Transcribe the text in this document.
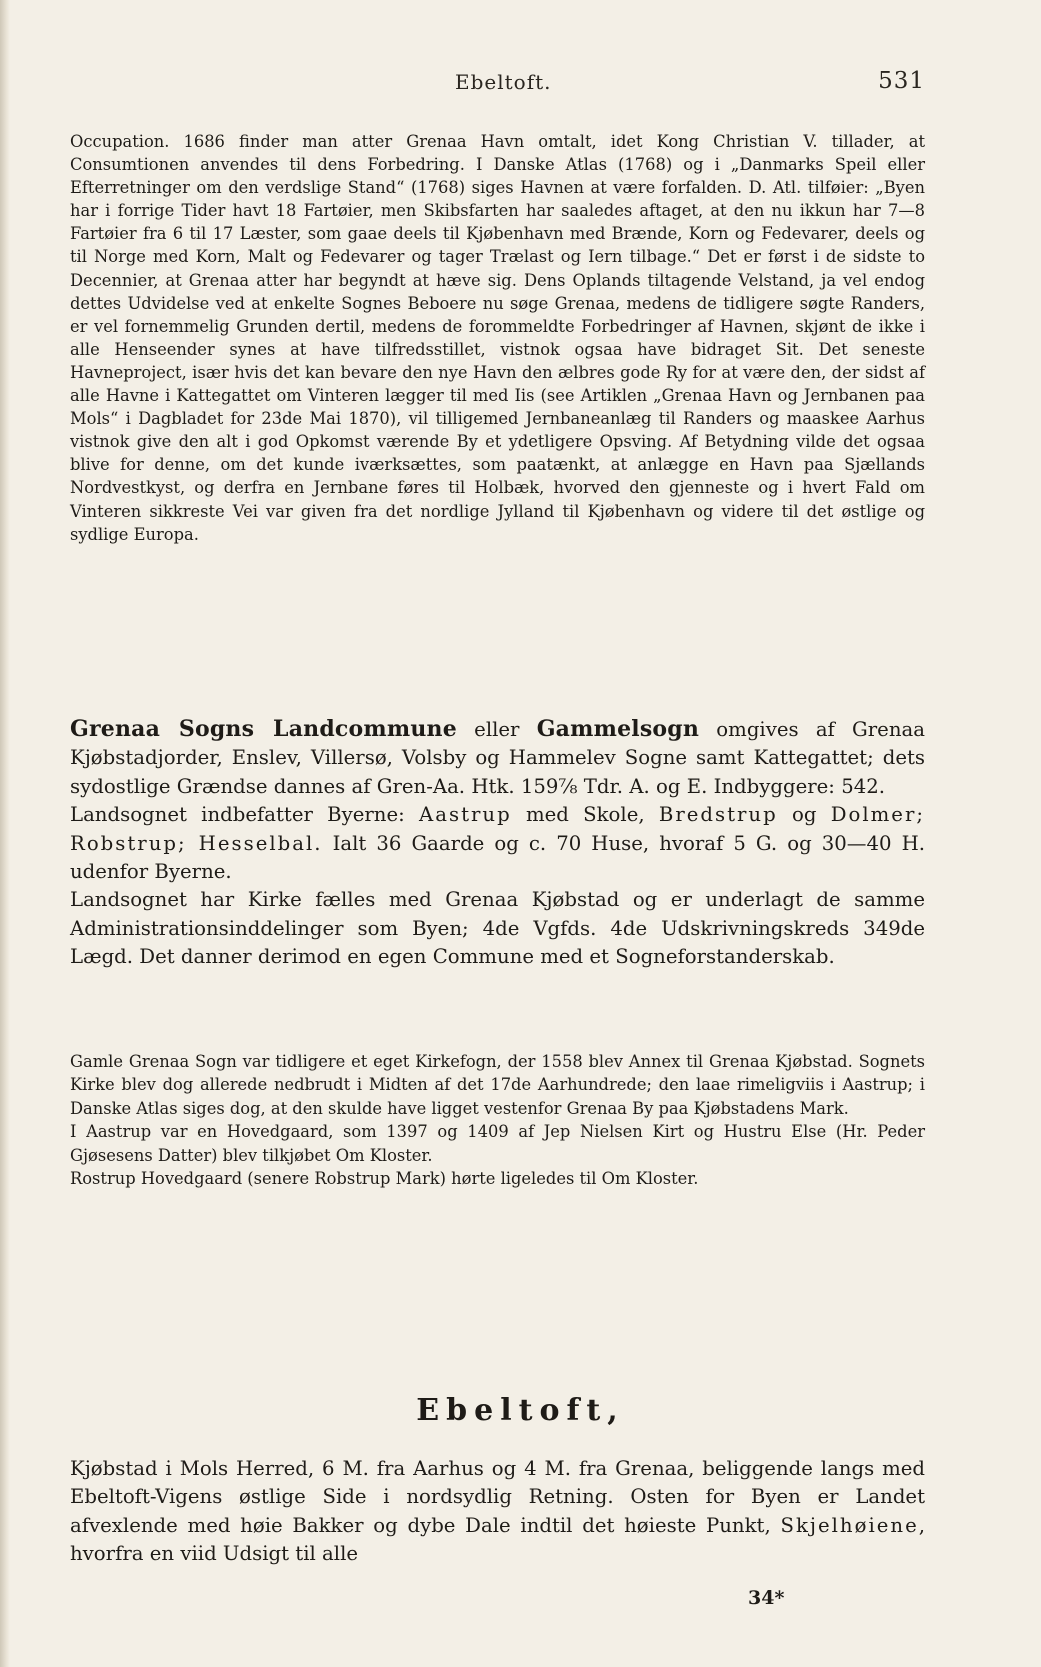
Ebeltoft.	531

Occupation. 1686 finder man atter Grenaa Havn omtalt, idet Kong Christian V. tillader, at Consumtionen anvendes til dens Forbedring. I Danske Atlas (1768) og i „Danmarks Speil eller Efterretninger om den verdslige Stand“ (1768) siges Havnen at være forfalden. D. Atl. tilføier: „Byen har i forrige Tider havt 18 Fartøier, men Skibsfarten har saaledes aftaget, at den nu ikkun har 7—8 Fartøier fra 6 til 17 Læster, som gaae deels til Kjøbenhavn med Brænde, Korn og Fedevarer, deels og til Norge med Korn, Malt og Fedevarer og tager Trælast og Iern tilbage.“ Det er først i de sidste to Decennier, at Grenaa atter har begyndt at hæve sig. Dens Oplands tiltagende Velstand, ja vel endog dettes Udvidelse ved at enkelte Sognes Beboere nu søge Grenaa, medens de tidligere søgte Randers, er vel fornemmelig Grunden dertil, medens de forommeldte Forbedringer af Havnen, skjønt de ikke i alle Henseender synes at have tilfredsstillet, vistnok ogsaa have bidraget Sit. Det seneste Havneproject, især hvis det kan bevare den nye Havn den ælbres gode Ry for at være den, der sidst af alle Havne i Kattegattet om Vinteren lægger til med Iis (see Artiklen „Grenaa Havn og Jernbanen paa Mols“ i Dagbladet for 23de Mai 1870), vil tilligemed Jernbaneanlæg til Randers og maaskee Aarhus vistnok give den alt i god Opkomst værende By et ydetligere Opsving. Af Betydning vilde det ogsaa blive for denne, om det kunde iværksættes, som paatænkt, at anlægge en Havn paa Sjællands Nordvestkyst, og derfra en Jernbane føres til Holbæk, hvorved den gjenneste og i hvert Fald om Vinteren sikkreste Vei var given fra det nordlige Jylland til Kjøbenhavn og videre til det østlige og sydlige Europa.

Grenaa Sogns Landcommune eller Gammelsogn omgives af Grenaa Kjøbstadjorder, Enslev, Villersø, Volsby og Hammelev Sogne samt Kattegattet; dets sydostlige Grændse dannes af Gren-Aa. Htk. 159⅞ Tdr. A. og E. Indbyggere: 542.

Landsognet indbefatter Byerne: Aastrup med Skole, Bredstrup og Dolmer; Robstrup; Hesselbal. Ialt 36 Gaarde og c. 70 Huse, hvoraf 5 G. og 30—40 H. udenfor Byerne.

Landsognet har Kirke fælles med Grenaa Kjøbstad og er underlagt de samme Administrationsinddelinger som Byen; 4de Vgfds. 4de Udskrivningskreds 349de Lægd. Det danner derimod en egen Commune med et Sogneforstanderskab.

Gamle Grenaa Sogn var tidligere et eget Kirkefogn, der 1558 blev Annex til Grenaa Kjøbstad. Sognets Kirke blev dog allerede nedbrudt i Midten af det 17de Aarhundrede; den laae rimeligviis i Aastrup; i Danske Atlas siges dog, at den skulde have ligget vestenfor Grenaa By paa Kjøbstadens Mark.

I Aastrup var en Hovedgaard, som 1397 og 1409 af Jep Nielsen Kirt og Hustru Else (Hr. Peder Gjøsesens Datter) blev tilkjøbet Om Kloster.

Rostrup Hovedgaard (senere Robstrup Mark) hørte ligeledes til Om Kloster.

Ebeltoft,

Kjøbstad i Mols Herred, 6 M. fra Aarhus og 4 M. fra Grenaa, beliggende langs med Ebeltoft-Vigens østlige Side i nordsydlig Retning. Osten for Byen er Landet afvexlende med høie Bakker og dybe Dale indtil det høieste Punkt, Skjelhøiene, hvorfra en viid Udsigt til alle

34*
